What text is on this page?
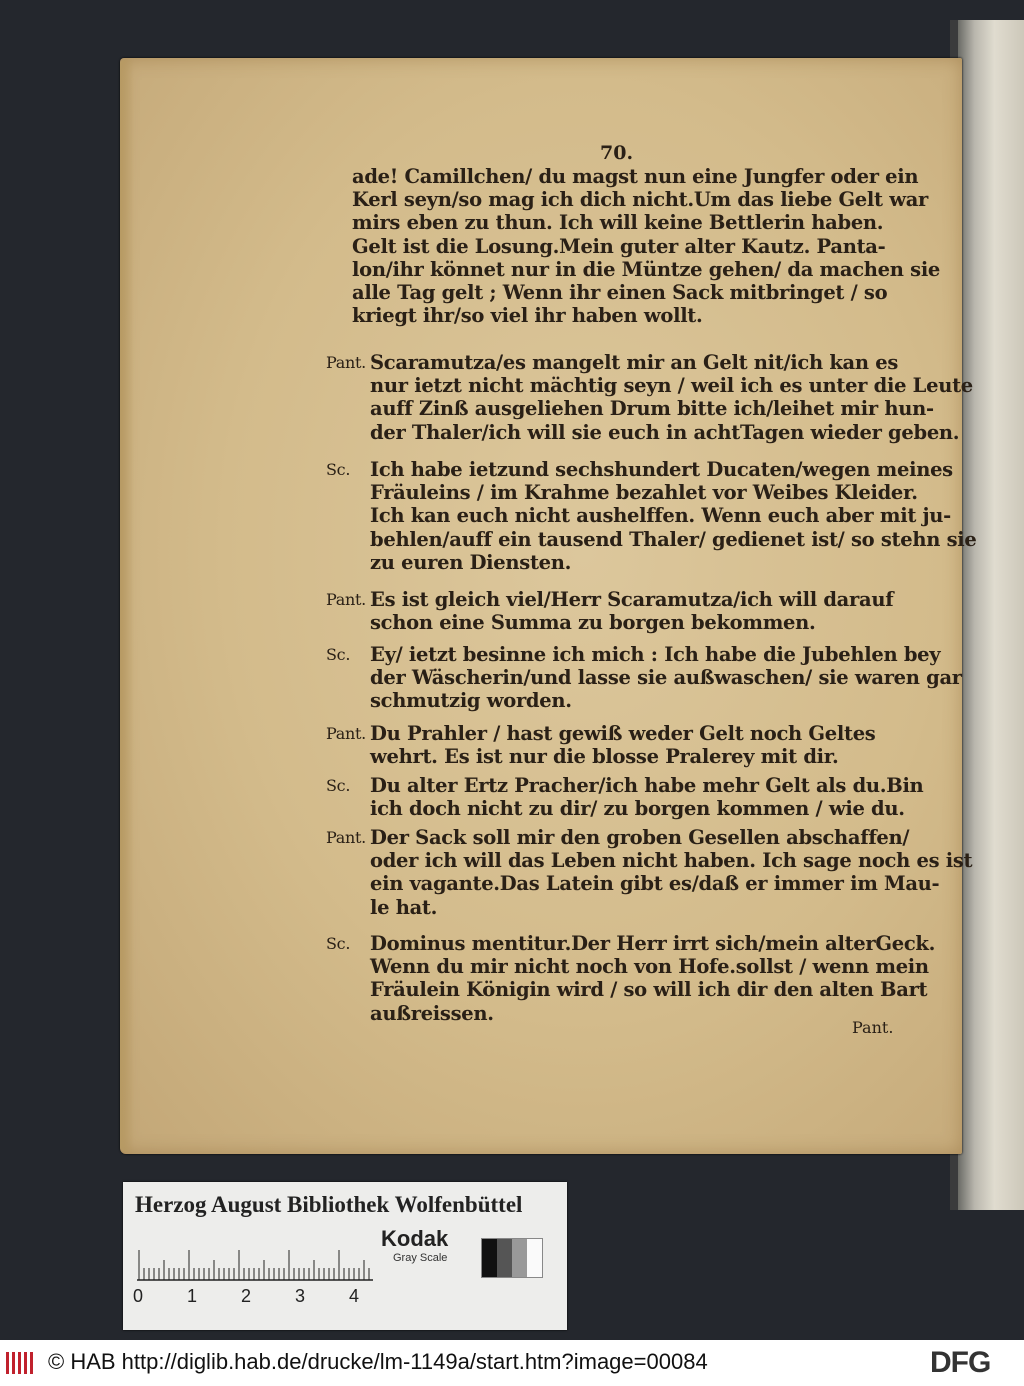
70.
ade! Camillchen/ du magst nun eine Jungfer oder ein
Kerl seyn/so mag ich dich nicht.Um das liebe Gelt war
mirs eben zu thun. Ich will keine Bettlerin haben.
Gelt ist die Losung.Mein guter alter Kautz. Panta-
lon/ihr könnet nur in die Müntze gehen/ da machen sie
alle Tag gelt ; Wenn ihr einen Sack mitbringet / so
kriegt ihr/so viel ihr haben wollt.
Pant. Scaramutza/es mangelt mir an Gelt nit/ich kan es
nur ietzt nicht mächtig seyn / weil ich es unter die Leute
auff Zinß ausgeliehen Drum bitte ich/leihet mir hun-
der Thaler/ich will sie euch in achtTagen wieder geben.
Sc.	Ich habe ietzund sechshundert Ducaten/wegen meines
Fräuleins / im Krahme bezahlet vor Weibes Kleider.
Ich kan euch nicht aushelffen. Wenn euch aber mit ju-
behlen/auff ein tausend Thaler/ gedienet ist/ so stehn sie
zu euren Diensten.
Pant. Es ist gleich viel/Herr Scaramutza/ich will darauf
schon eine Summa zu borgen bekommen.
Sc.	Ey/ ietzt besinne ich mich : Ich habe die Jubehlen bey
der Wäscherin/und lasse sie außwaschen/ sie waren gar
schmutzig worden.
Pant. Du Prahler / hast gewiß weder Gelt noch Geltes
wehrt. Es ist nur die blosse Pralerey mit dir.
Sc.	Du alter Ertz Pracher/ich habe mehr Gelt als du.Bin
ich doch nicht zu dir/ zu borgen kommen / wie du.
Pant. Der Sack soll mir den groben Gesellen abschaffen/
oder ich will das Leben nicht haben. Ich sage noch es ist
ein vagante.Das Latein gibt es/daß er immer im Mau-
le hat.
Sc.	Dominus mentitur.Der Herr irrt sich/mein alterGeck.
Wenn du mir nicht noch von Hofe.sollst / wenn mein
Fräulein Königin wird / so will ich dir den alten Bart
außreissen.
Pant.
Herzog August Bibliothek Wolfenbüttel
0 1 2 3 4
Kodak
Gray Scale
© HAB http://diglib.hab.de/drucke/lm-1149a/start.htm?image=00084	DFG
